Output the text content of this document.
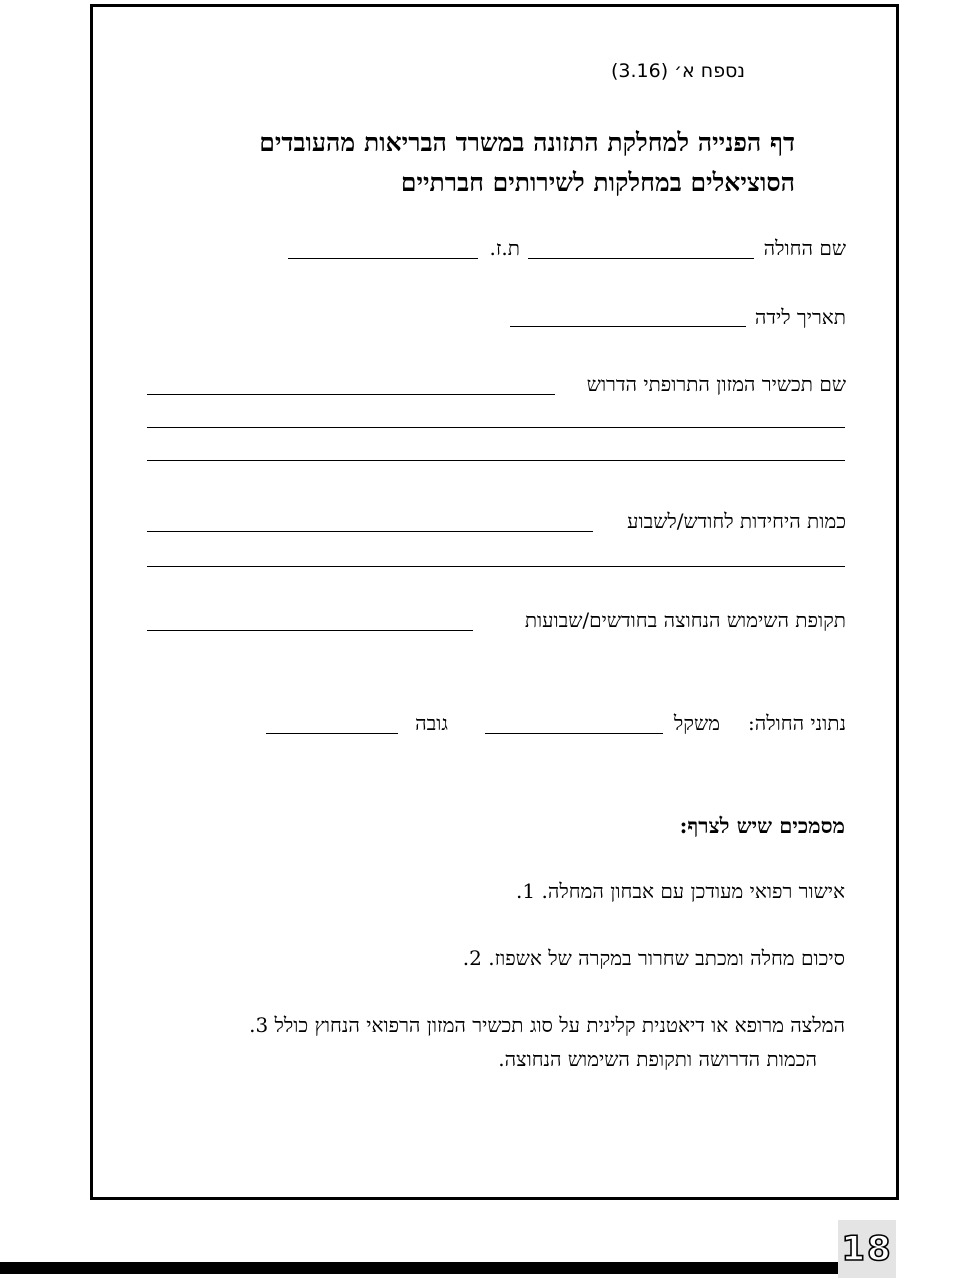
נספח א׳ (3.16)
דף הפנייה למחלקת התזונה במשרד הבריאות מהעובדים
הסוציאלים במחלקות לשירותים חברתיים
שם החולה
ת.ז.
תאריך לידה
שם תכשיר המזון התרופתי הדרוש
כמות היחידות לחודש/לשבוע
תקופת השימוש הנחוצה בחודשים/שבועות
נתוני החולה:
משקל
גובה
מסמכים שיש לצרף:
1. אישור רפואי מעודכן עם אבחון המחלה.
2. סיכום מחלה ומכתב שחרור במקרה של אשפוז.
3. המלצה מרופא או דיאטנית קלינית על סוג תכשיר המזון הרפואי הנחוץ כולל
הכמות הדרושה ותקופת השימוש הנחוצה.
18
